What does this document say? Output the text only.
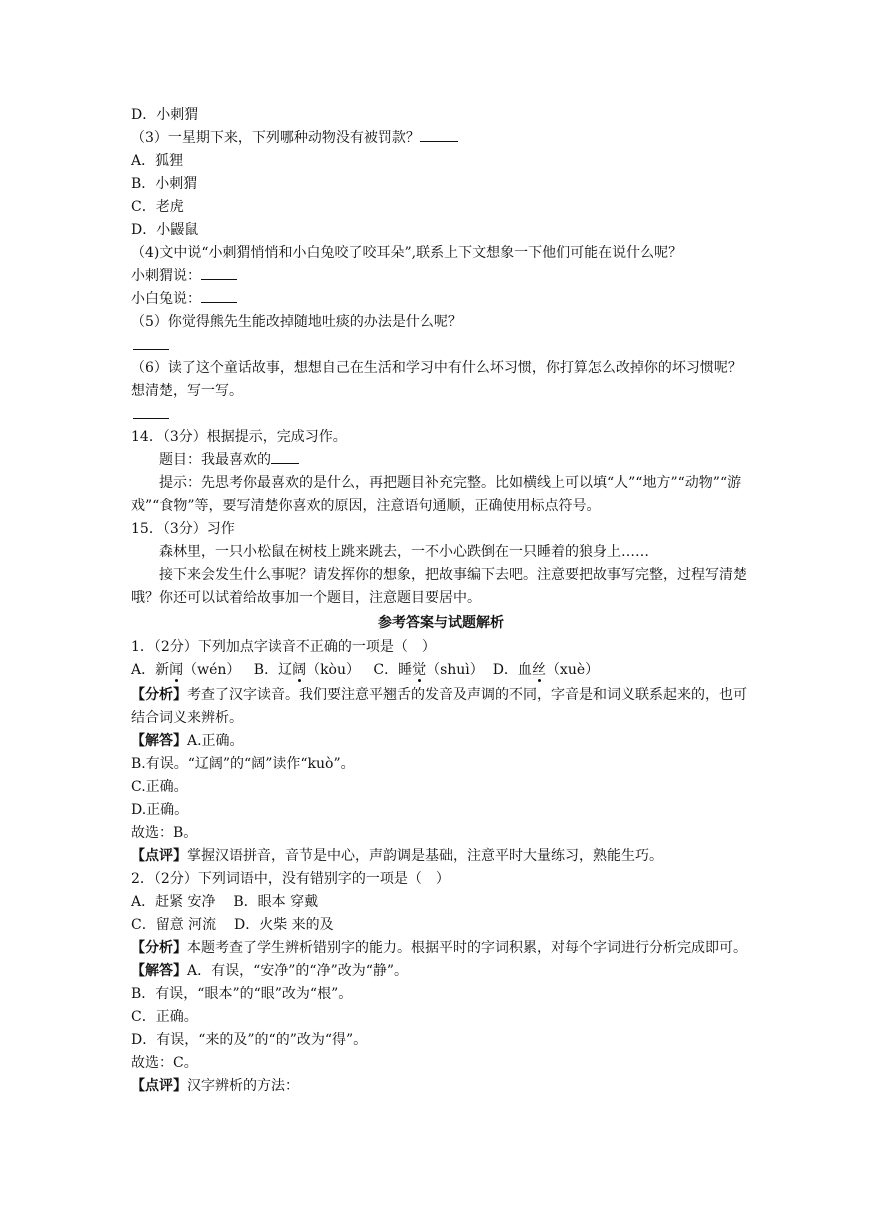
D．小刺猬
（3）一星期下来，下列哪种动物没有被罚款？
A．狐狸
B．小刺猬
C．老虎
D．小鼹鼠
（4)文中说“小刺猬悄悄和小白兔咬了咬耳朵”,联系上下文想象一下他们可能在说什么呢？
小刺猬说：
小白兔说：
（5）你觉得熊先生能改掉随地吐痰的办法是什么呢？
（6）读了这个童话故事，想想自己在生活和学习中有什么坏习惯，你打算怎么改掉你的坏习惯呢？想清楚，写一写。
14．（3分）根据提示，完成习作。
题目：我最喜欢的
提示：先思考你最喜欢的是什么，再把题目补充完整。比如横线上可以填“人”“地方”“动物”“游戏”“食物”等，要写清楚你喜欢的原因，注意语句通顺，正确使用标点符号。
15．（3分）习作
森林里，一只小松鼠在树枝上跳来跳去，一不小心跌倒在一只睡着的狼身上……
接下来会发生什么事呢？请发挥你的想象，把故事编下去吧。注意要把故事写完整，过程写清楚哦？你还可以试着给故事加一个题目，注意题目要居中。
参考答案与试题解析
1．（2分）下列加点字读音不正确的一项是（　）
A．新闻（wén） B．辽阔（kòu） C．睡觉（shuì） D．血丝（xuè）
【分析】考查了汉字读音。我们要注意平翘舌的发音及声调的不同，字音是和词义联系起来的，也可结合词义来辨析。
【解答】A.正确。
B.有误。“辽阔”的“阔”读作“kuò”。
C.正确。
D.正确。
故选：B。
【点评】掌握汉语拼音，音节是中心，声韵调是基础，注意平时大量练习，熟能生巧。
2．（2分）下列词语中，没有错别字的一项是（　）
A．赶紧 安净 B．眼本 穿戴
C．留意 河流 D．火柴 来的及
【分析】本题考查了学生辨析错别字的能力。根据平时的字词积累，对每个字词进行分析完成即可。
【解答】A．有误，“安净”的“净”改为“静”。
B．有误，“眼本”的“眼”改为“根”。
C．正确。
D．有误，“来的及”的“的”改为“得”。
故选：C。
【点评】汉字辨析的方法：
